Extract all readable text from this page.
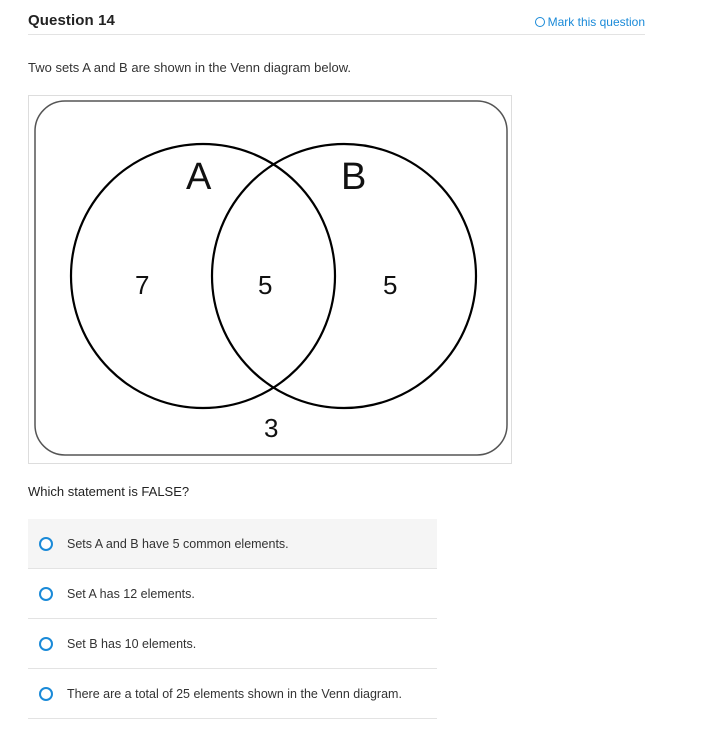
Question 14	Mark this question
Two sets A and B are shown in the Venn diagram below.
A	B
7	5	5
3
Which statement is FALSE?
Sets A and B have 5 common elements.
Set A has 12 elements.
Set B has 10 elements.
There are a total of 25 elements shown in the Venn diagram.
